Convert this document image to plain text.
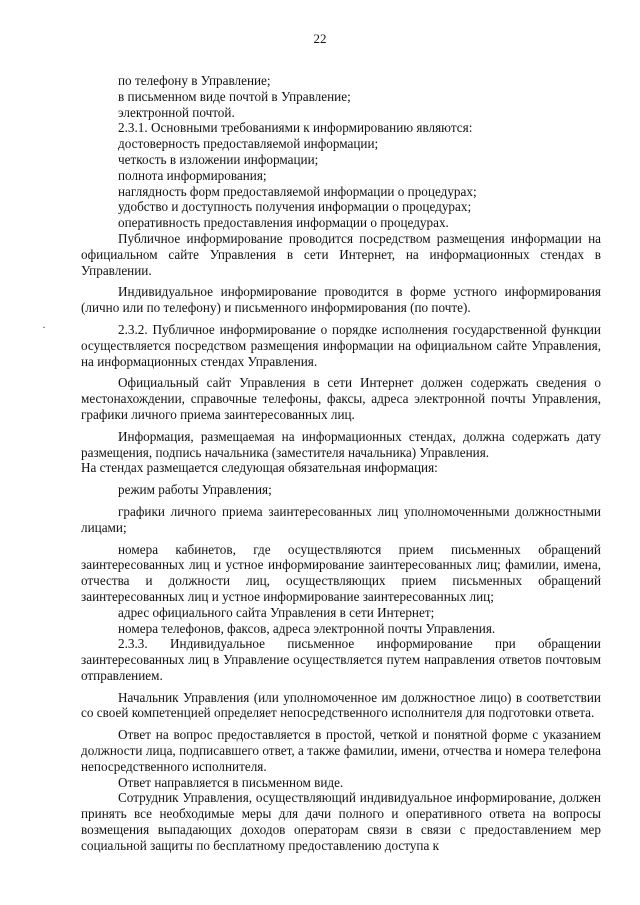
22
·

по телефону в Управление;

в письменном виде почтой в Управление;

электронной почтой.

2.3.1. Основными требованиями к информированию являются:

достоверность предоставляемой информации;

четкость в изложении информации;

полнота информирования;

наглядность форм предоставляемой информации о процедурах;

удобство и доступность получения информации о процедурах;

оперативность предоставления информации о процедурах.

Публичное информирование проводится посредством размещения информации на официальном сайте Управления в сети Интернет, на информационных стендах в Управлении.

Индивидуальное информирование проводится в форме устного информирования (лично или по телефону) и письменного информирования (по почте).

2.3.2. Публичное информирование о порядке исполнения государственной функции осуществляется посредством размещения информации на официальном сайте Управления, на информационных стендах Управления.

Официальный сайт Управления в сети Интернет должен содержать сведения о местонахождении, справочные телефоны, факсы, адреса электронной почты Управления, графики личного приема заинтересованных лиц.

Информация, размещаемая на информационных стендах, должна содержать дату размещения, подпись начальника (заместителя начальника) Управления.

На стендах размещается следующая обязательная информация:

режим работы Управления;

графики личного приема заинтересованных лиц уполномоченными должностными лицами;

номера кабинетов, где осуществляются прием письменных обращений заинтересованных лиц и устное информирование заинтересованных лиц; фамилии, имена, отчества и должности лиц, осуществляющих прием письменных обращений заинтересованных лиц и устное информирование заинтересованных лиц;

адрес официального сайта Управления в сети Интернет;

номера телефонов, факсов, адреса электронной почты Управления.

2.3.3. Индивидуальное письменное информирование при обращении заинтересованных лиц в Управление осуществляется путем направления ответов почтовым отправлением.

Начальник Управления (или уполномоченное им должностное лицо) в соответствии со своей компетенцией определяет непосредственного исполнителя для подготовки ответа.

Ответ на вопрос предоставляется в простой, четкой и понятной форме с указанием должности лица, подписавшего ответ, а также фамилии, имени, отчества и номера телефона непосредственного исполнителя.

Ответ направляется в письменном виде.

Сотрудник Управления, осуществляющий индивидуальное информирование, должен принять все необходимые меры для дачи полного и оперативного ответа на вопросы возмещения выпадающих доходов операторам связи в связи с предоставлением мер социальной защиты по бесплатному предоставлению доступа к
